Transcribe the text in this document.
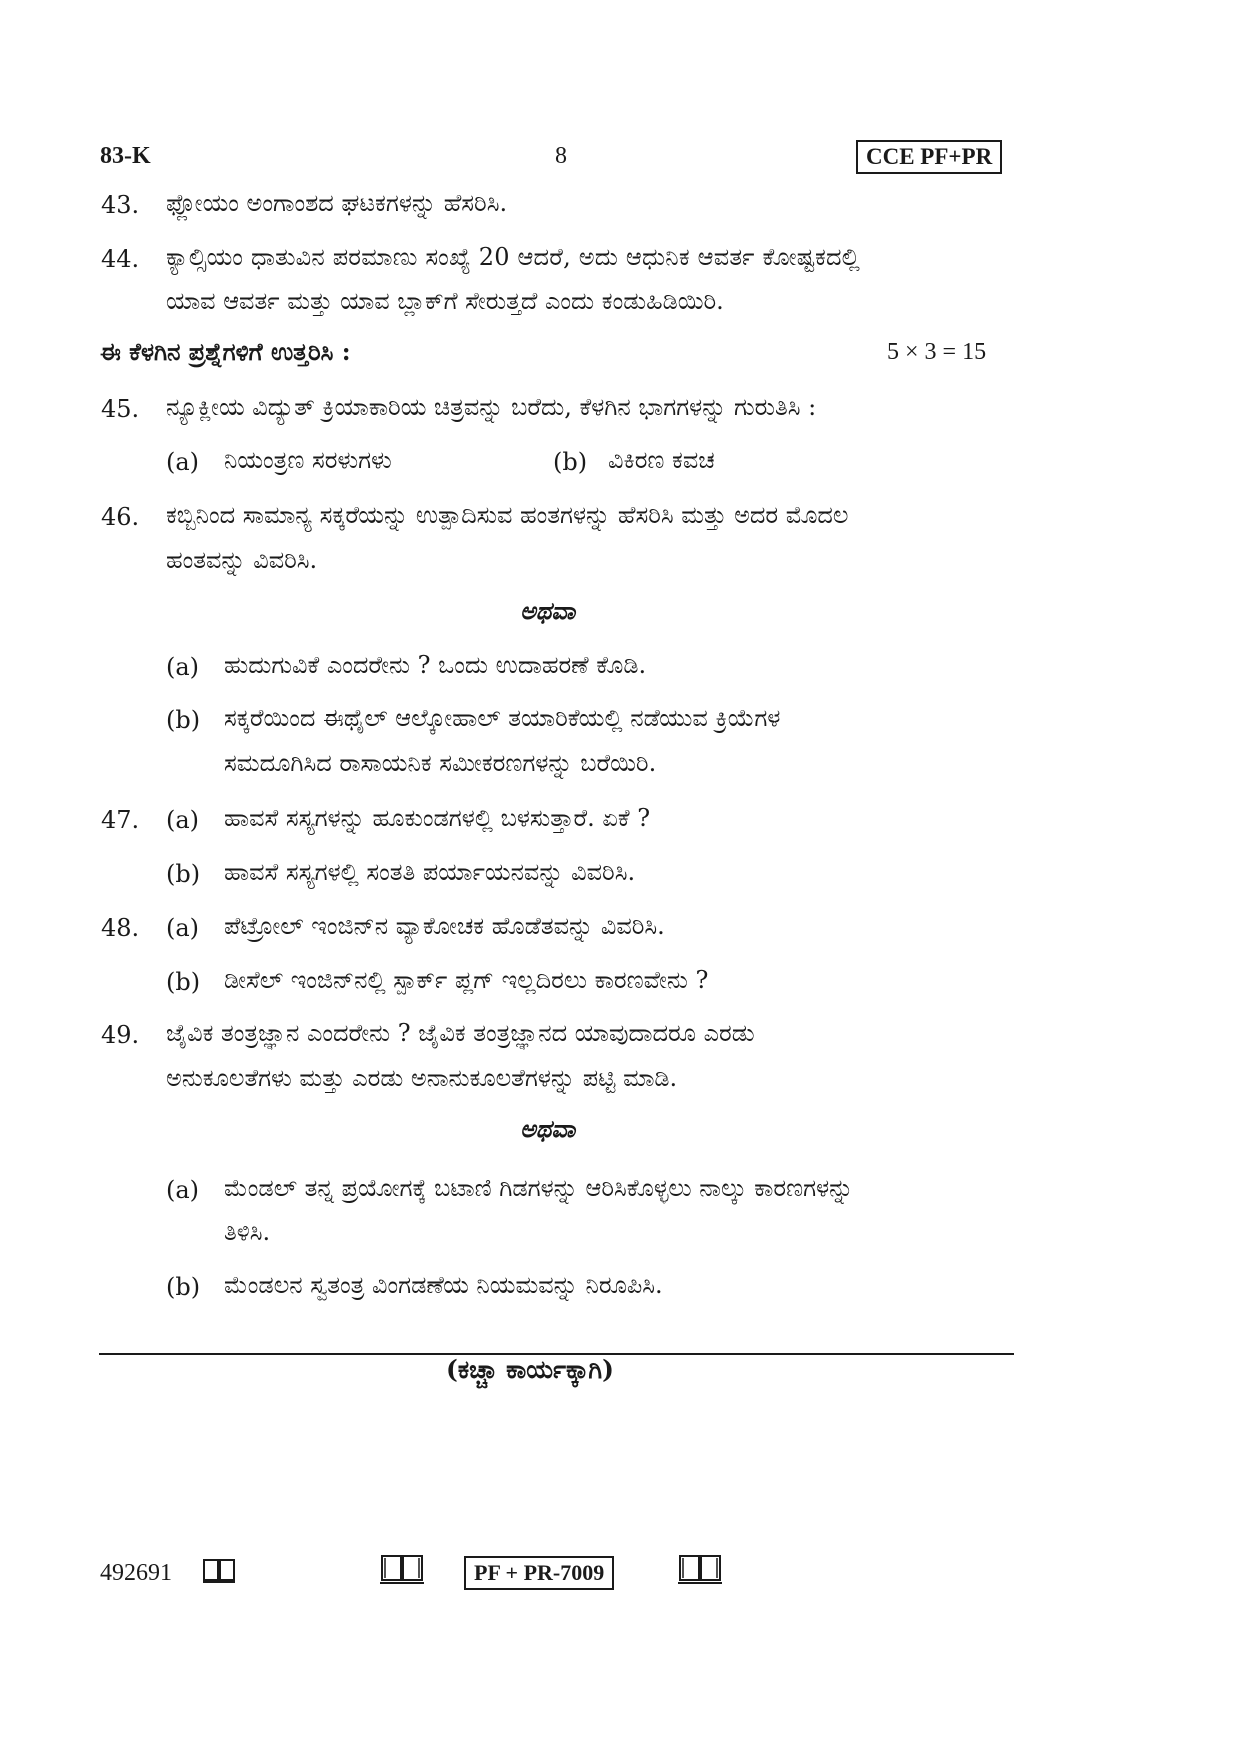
83-K	8	CCE PF+PR
43. ಫ್ಲೋಯಂ ಅಂಗಾಂಶದ ಘಟಕಗಳನ್ನು ಹೆಸರಿಸಿ.
44. ಕ್ಯಾಲ್ಸಿಯಂ ಧಾತುವಿನ ಪರಮಾಣು ಸಂಖ್ಯೆ 20 ಆದರೆ, ಅದು ಆಧುನಿಕ ಆವರ್ತ ಕೋಷ್ಟಕದಲ್ಲಿ
ಯಾವ ಆವರ್ತ ಮತ್ತು ಯಾವ ಬ್ಲಾಕ್‌ಗೆ ಸೇರುತ್ತದೆ ಎಂದು ಕಂಡುಹಿಡಿಯಿರಿ.
ಈ ಕೆಳಗಿನ ಪ್ರಶ್ನೆಗಳಿಗೆ ಉತ್ತರಿಸಿ :	5 × 3 = 15
45. ನ್ಯೂಕ್ಲೀಯ ವಿದ್ಯುತ್ ಕ್ರಿಯಾಕಾರಿಯ ಚಿತ್ರವನ್ನು ಬರೆದು, ಕೆಳಗಿನ ಭಾಗಗಳನ್ನು ಗುರುತಿಸಿ :
(a) ನಿಯಂತ್ರಣ ಸರಳುಗಳು	(b) ವಿಕಿರಣ ಕವಚ
46. ಕಬ್ಬಿನಿಂದ ಸಾಮಾನ್ಯ ಸಕ್ಕರೆಯನ್ನು ಉತ್ಪಾದಿಸುವ ಹಂತಗಳನ್ನು ಹೆಸರಿಸಿ ಮತ್ತು ಅದರ ಮೊದಲ
ಹಂತವನ್ನು ವಿವರಿಸಿ.
ಅಥವಾ
(a) ಹುದುಗುವಿಕೆ ಎಂದರೇನು ? ಒಂದು ಉದಾಹರಣೆ ಕೊಡಿ.
(b) ಸಕ್ಕರೆಯಿಂದ ಈಥೈಲ್ ಆಲ್ಕೋಹಾಲ್ ತಯಾರಿಕೆಯಲ್ಲಿ ನಡೆಯುವ ಕ್ರಿಯೆಗಳ
ಸಮದೂಗಿಸಿದ ರಾಸಾಯನಿಕ ಸಮೀಕರಣಗಳನ್ನು ಬರೆಯಿರಿ.
47. (a) ಹಾವಸೆ ಸಸ್ಯಗಳನ್ನು ಹೂಕುಂಡಗಳಲ್ಲಿ ಬಳಸುತ್ತಾರೆ. ಏಕೆ ?
(b) ಹಾವಸೆ ಸಸ್ಯಗಳಲ್ಲಿ ಸಂತತಿ ಪರ್ಯಾಯನವನ್ನು ವಿವರಿಸಿ.
48. (a) ಪೆಟ್ರೋಲ್ ಇಂಜಿನ್‌ನ ವ್ಯಾಕೋಚಕ ಹೊಡೆತವನ್ನು ವಿವರಿಸಿ.
(b) ಡೀಸೆಲ್ ಇಂಜಿನ್‌ನಲ್ಲಿ ಸ್ಪಾರ್ಕ್ ಪ್ಲಗ್ ಇಲ್ಲದಿರಲು ಕಾರಣವೇನು ?
49. ಜೈವಿಕ ತಂತ್ರಜ್ಞಾನ ಎಂದರೇನು ? ಜೈವಿಕ ತಂತ್ರಜ್ಞಾನದ ಯಾವುದಾದರೂ ಎರಡು
ಅನುಕೂಲತೆಗಳು ಮತ್ತು ಎರಡು ಅನಾನುಕೂಲತೆಗಳನ್ನು ಪಟ್ಟಿ ಮಾಡಿ.
ಅಥವಾ
(a) ಮೆಂಡಲ್ ತನ್ನ ಪ್ರಯೋಗಕ್ಕೆ ಬಟಾಣಿ ಗಿಡಗಳನ್ನು ಆರಿಸಿಕೊಳ್ಳಲು ನಾಲ್ಕು ಕಾರಣಗಳನ್ನು
ತಿಳಿಸಿ.
(b) ಮೆಂಡಲನ ಸ್ವತಂತ್ರ ವಿಂಗಡಣೆಯ ನಿಯಮವನ್ನು ನಿರೂಪಿಸಿ.
(ಕಚ್ಚಾ ಕಾರ್ಯಕ್ಕಾಗಿ)
492691	PF + PR-7009
